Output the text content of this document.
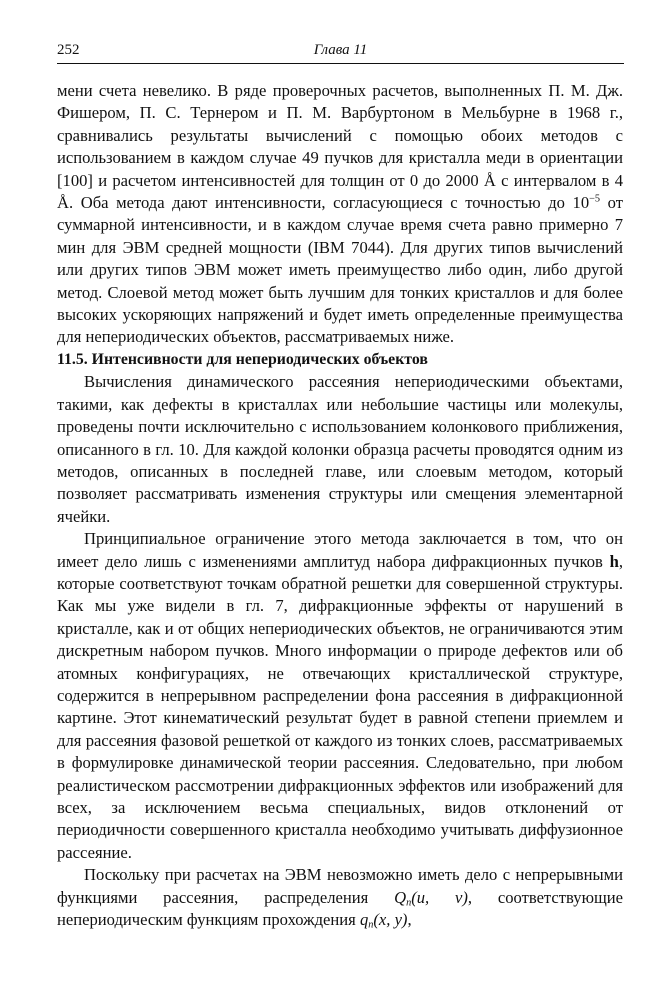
252	Глава 11

мени счета невелико. В ряде проверочных расчетов, выполненных П. М. Дж. Фишером, П. С. Тернером и П. М. Варбуртоном в Мельбурне в 1968 г., сравнивались результаты вычислений с помощью обоих методов с использованием в каждом случае 49 пучков для кристалла меди в ориентации [100] и расчетом интенсивностей для толщин от 0 до 2000 Å с интервалом в 4 Å. Оба метода дают интенсивности, согласующиеся с точностью до $10^{-5}$ от суммарной интенсивности, и в каждом случае время счета равно примерно 7 мин для ЭВМ средней мощности (IBM 7044). Для других типов вычислений или других типов ЭВМ может иметь преимущество либо один, либо другой метод. Слоевой метод может быть лучшим для тонких кристаллов и для более высоких ускоряющих напряжений и будет иметь определенные преимущества для непериодических объектов, рассматриваемых ниже.

11.5. Интенсивности для непериодических объектов

Вычисления динамического рассеяния непериодическими объектами, такими, как дефекты в кристаллах или небольшие частицы или молекулы, проведены почти исключительно с использованием колонкового приближения, описанного в гл. 10. Для каждой колонки образца расчеты проводятся одним из методов, описанных в последней главе, или слоевым методом, который позволяет рассматривать изменения структуры или смещения элементарной ячейки.

Принципиальное ограничение этого метода заключается в том, что он имеет дело лишь с изменениями амплитуд набора дифракционных пучков h, которые соответствуют точкам обратной решетки для совершенной структуры. Как мы уже видели в гл. 7, дифракционные эффекты от нарушений в кристалле, как и от общих непериодических объектов, не ограничиваются этим дискретным набором пучков. Много информации о природе дефектов или об атомных конфигурациях, не отвечающих кристаллической структуре, содержится в непрерывном распределении фона рассеяния в дифракционной картине. Этот кинематический результат будет в равной степени приемлем и для рассеяния фазовой решеткой от каждого из тонких слоев, рассматриваемых в формулировке динамической теории рассеяния. Следовательно, при любом реалистическом рассмотрении дифракционных эффектов или изображений для всех, за исключением весьма специальных, видов отклонений от периодичности совершенного кристалла необходимо учитывать диффузионное рассеяние.

Поскольку при расчетах на ЭВМ невозможно иметь дело с непрерывными функциями рассеяния, распределения $Q_n(u$, v), соответствующие непериодическим функциям прохождения $q_n(x$, y),
